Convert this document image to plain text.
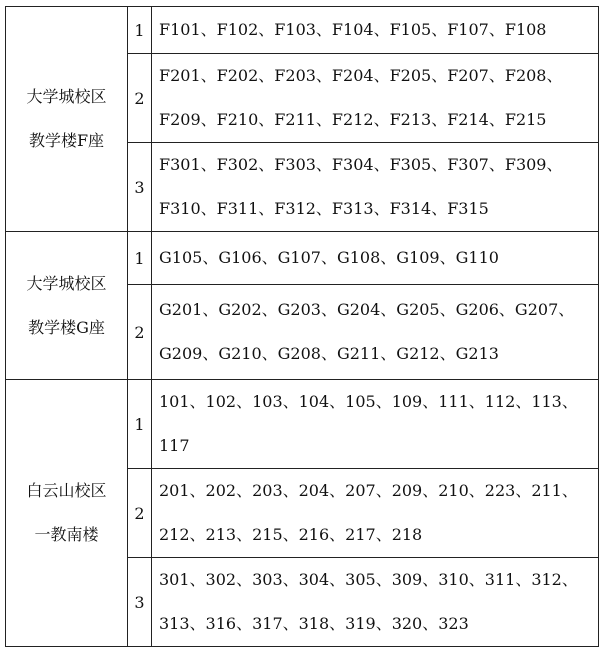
大学城校区
教学楼F座	1	F101、F102、F103、F104、F105、F107、F108

	2	F201、F202、F203、F204、F205、F207、F208、
F209、F210、F211、F212、F213、F214、F215

	3	F301、F302、F303、F304、F305、F307、F309、
F310、F311、F312、F313、F314、F315

大学城校区
教学楼G座	1	G105、G106、G107、G108、G109、G110

	2	G201、G202、G203、G204、G205、G206、G207、
G209、G210、G208、G211、G212、G213

白云山校区
一教南楼	1	101、102、103、104、105、109、111、112、113、
117

	2	201、202、203、204、207、209、210、223、211、
212、213、215、216、217、218

	3	301、302、303、304、305、309、310、311、312、
313、316、317、318、319、320、323
